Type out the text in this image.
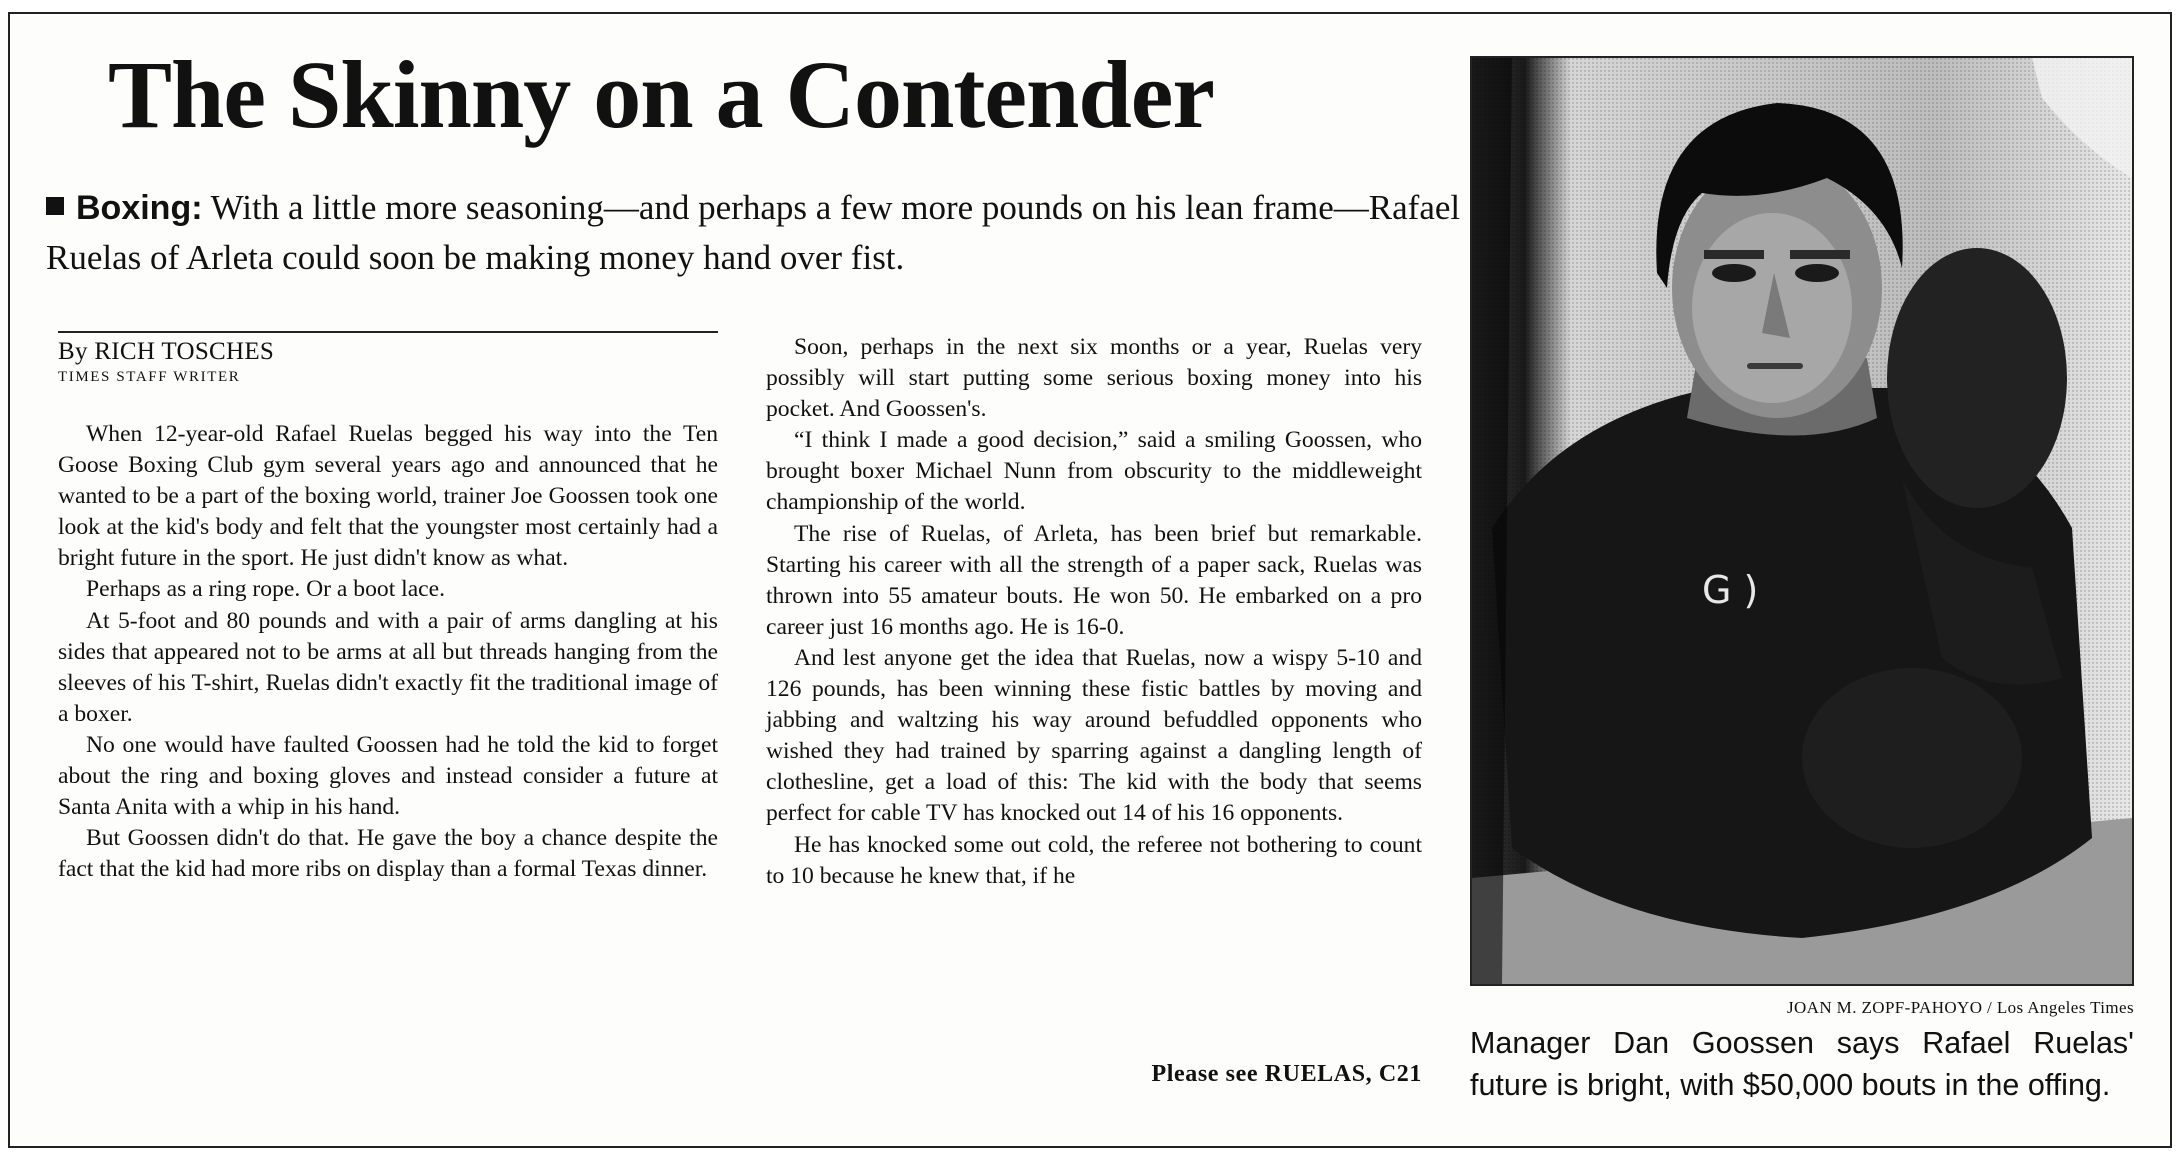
The Skinny on a Contender
Boxing: With a little more seasoning—and perhaps a few more pounds on his lean frame—Rafael Ruelas of Arleta could soon be making money hand over fist.
By RICH TOSCHES
TIMES STAFF WRITER

When 12-year-old Rafael Ruelas begged his way into the Ten Goose Boxing Club gym several years ago and announced that he wanted to be a part of the boxing world, trainer Joe Goossen took one look at the kid's body and felt that the youngster most certainly had a bright future in the sport. He just didn't know as what.

Perhaps as a ring rope. Or a boot lace.

At 5-foot and 80 pounds and with a pair of arms dangling at his sides that appeared not to be arms at all but threads hanging from the sleeves of his T-shirt, Ruelas didn't exactly fit the traditional image of a boxer.

No one would have faulted Goossen had he told the kid to forget about the ring and boxing gloves and instead consider a future at Santa Anita with a whip in his hand.

But Goossen didn't do that. He gave the boy a chance despite the fact that the kid had more ribs on display than a formal Texas dinner.

Soon, perhaps in the next six months or a year, Ruelas very possibly will start putting some serious boxing money into his pocket. And Goossen's.

“I think I made a good decision,” said a smiling Goossen, who brought boxer Michael Nunn from obscurity to the middleweight championship of the world.

The rise of Ruelas, of Arleta, has been brief but remarkable. Starting his career with all the strength of a paper sack, Ruelas was thrown into 55 amateur bouts. He won 50. He embarked on a pro career just 16 months ago. He is 16-0.

And lest anyone get the idea that Ruelas, now a wispy 5-10 and 126 pounds, has been winning these fistic battles by moving and jabbing and waltzing his way around befuddled opponents who wished they had trained by sparring against a dangling length of clothesline, get a load of this: The kid with the body that seems perfect for cable TV has knocked out 14 of his 16 opponents.

He has knocked some out cold, the referee not bothering to count to 10 because he knew that, if he

Please see RUELAS, C21
G )
JOAN M. ZOPF-PAHOYO / Los Angeles Times
Manager Dan Goossen says Rafael Ruelas' future is bright, with $50,000 bouts in the offing.
